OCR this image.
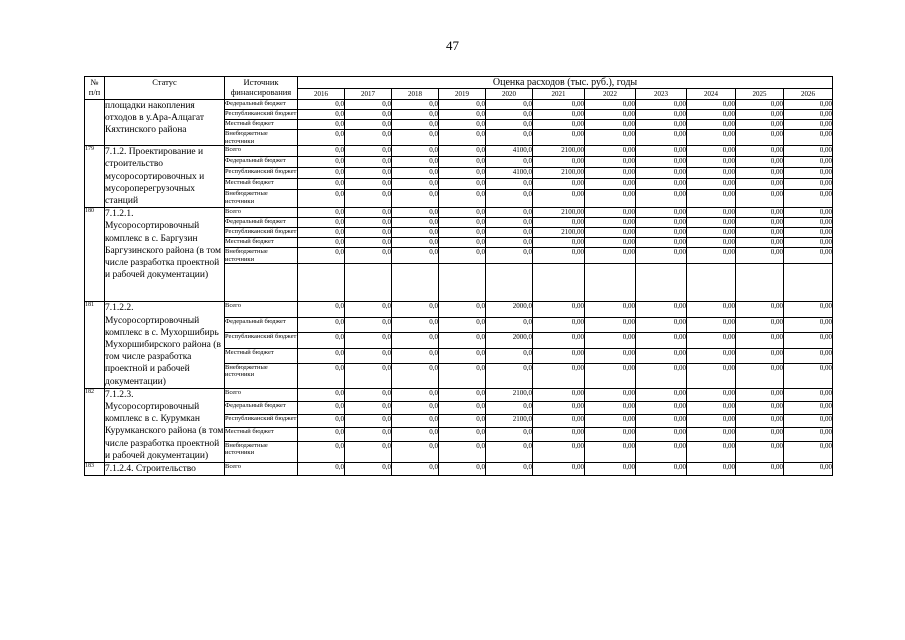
47
№
п/п	Статус	Источник финансирования	Оценка расходов (тыс. руб.), годы										
			2016	2017	2018	2019	2020	2021	2022	2023	2024	2025	2026
	площадки накопления отходов в у.Ара-Алцагат Кяхтинского района	Федеральный бюджет	0,0	0,0	0,0	0,0	0,0	0,00	0,00	0,00	0,00	0,00	0,00
		Республиканский бюджет	0,0	0,0	0,0	0,0	0,0	0,00	0,00	0,00	0,00	0,00	0,00
		Местный бюджет	0,0	0,0	0,0	0,0	0,0	0,00	0,00	0,00	0,00	0,00	0,00
		Внебюджетные источники	0,0	0,0	0,0	0,0	0,0	0,00	0,00	0,00	0,00	0,00	0,00
179	7.1.2. Проектирование и строительство мусоросортировочных и мусороперегрузочных станций	Всего	0,0	0,0	0,0	0,0	4100,0	2100,00	0,00	0,00	0,00	0,00	0,00
		Федеральный бюджет	0,0	0,0	0,0	0,0	0,0	0,00	0,00	0,00	0,00	0,00	0,00
		Республиканский бюджет	0,0	0,0	0,0	0,0	4100,0	2100,00	0,00	0,00	0,00	0,00	0,00
		Местный бюджет	0,0	0,0	0,0	0,0	0,0	0,00	0,00	0,00	0,00	0,00	0,00
		Внебюджетные источники	0,0	0,0	0,0	0,0	0,0	0,00	0,00	0,00	0,00	0,00	0,00
180	7.1.2.1. Мусоросортировочный комплекс в с. Баргузин Баргузинского района (в том числе разработка проектной и рабочей документации)	Всего	0,0	0,0	0,0	0,0	0,0	2100,00	0,00	0,00	0,00	0,00	0,00
		Федеральный бюджет	0,0	0,0	0,0	0,0	0,0	0,00	0,00	0,00	0,00	0,00	0,00
		Республиканский бюджет	0,0	0,0	0,0	0,0	0,0	2100,00	0,00	0,00	0,00	0,00	0,00
		Местный бюджет	0,0	0,0	0,0	0,0	0,0	0,00	0,00	0,00	0,00	0,00	0,00
		Внебюджетные источники	0,0	0,0	0,0	0,0	0,0	0,00	0,00	0,00	0,00	0,00	0,00

181	7.1.2.2. Мусоросортировочный комплекс в с. Мухоршибирь Мухоршибирского района (в том числе разработка проектной и рабочей документации)	Всего	0,0	0,0	0,0	0,0	2000,0	0,00	0,00	0,00	0,00	0,00	0,00
		Федеральный бюджет	0,0	0,0	0,0	0,0	0,0	0,00	0,00	0,00	0,00	0,00	0,00
		Республиканский бюджет	0,0	0,0	0,0	0,0	2000,0	0,00	0,00	0,00	0,00	0,00	0,00
		Местный бюджет	0,0	0,0	0,0	0,0	0,0	0,00	0,00	0,00	0,00	0,00	0,00
		Внебюджетные источники	0,0	0,0	0,0	0,0	0,0	0,00	0,00	0,00	0,00	0,00	0,00
182	7.1.2.3. Мусоросортировочный комплекс в с. Курумкан Курумканского района (в том числе разработка проектной и рабочей документации)	Всего	0,0	0,0	0,0	0,0	2100,0	0,00	0,00	0,00	0,00	0,00	0,00
		Федеральный бюджет	0,0	0,0	0,0	0,0	0,0	0,00	0,00	0,00	0,00	0,00	0,00
		Республиканский бюджет	0,0	0,0	0,0	0,0	2100,0	0,00	0,00	0,00	0,00	0,00	0,00
		Местный бюджет	0,0	0,0	0,0	0,0	0,0	0,00	0,00	0,00	0,00	0,00	0,00
		Внебюджетные источники	0,0	0,0	0,0	0,0	0,0	0,00	0,00	0,00	0,00	0,00	0,00
183	7.1.2.4. Строительство	Всего	0,0	0,0	0,0	0,0	0,0	0,00	0,00	0,00	0,00	0,00	0,00
